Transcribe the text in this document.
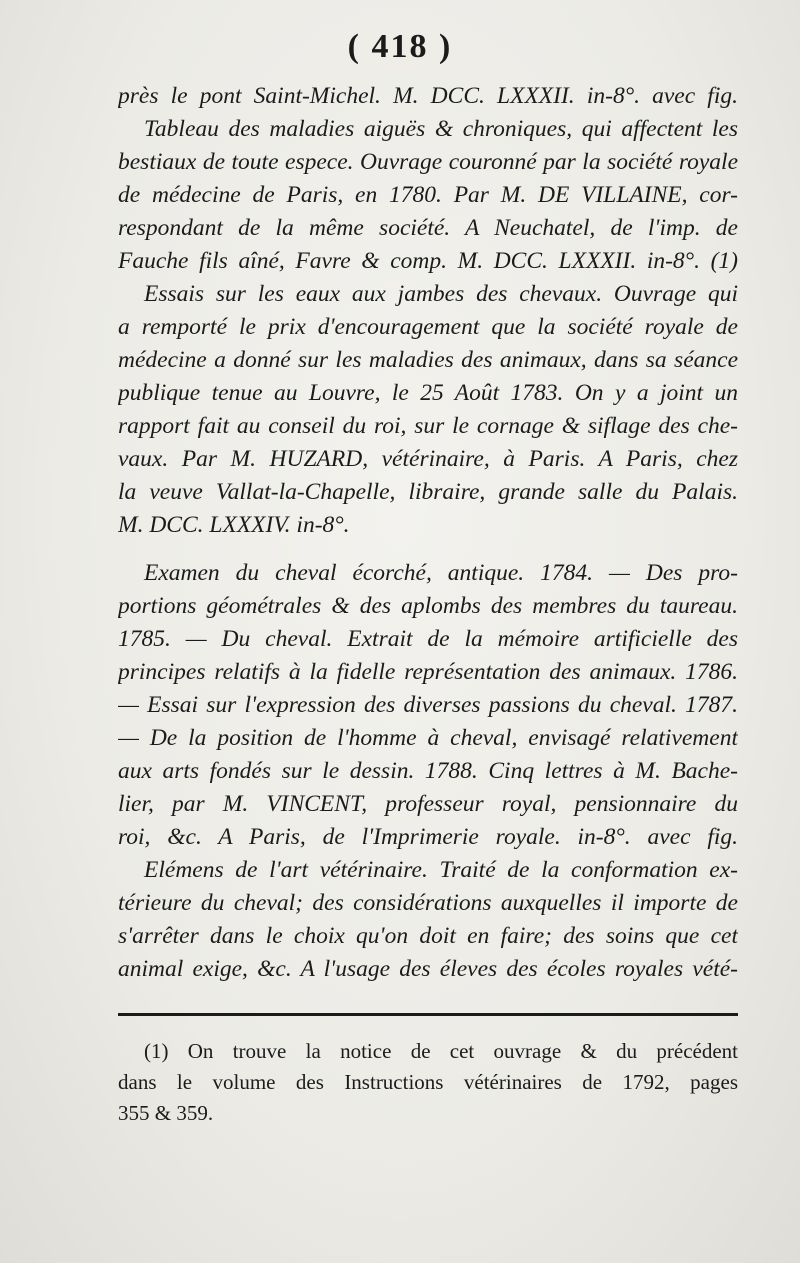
( 418 )
près le pont Saint-Michel. M. DCC. LXXXII. in-8°. avec fig.
Tableau des maladies aiguës & chroniques, qui affectent les
bestiaux de toute espece. Ouvrage couronné par la société royale
de médecine de Paris, en 1780. Par M. DE VILLAINE, cor-
respondant de la même société. A Neuchatel, de l'imp. de
Fauche fils aîné, Favre & comp. M. DCC. LXXXII. in-8°. (1)
Essais sur les eaux aux jambes des chevaux. Ouvrage qui
a remporté le prix d'encouragement que la société royale de
médecine a donné sur les maladies des animaux, dans sa séance
publique tenue au Louvre, le 25 Août 1783. On y a joint un
rapport fait au conseil du roi, sur le cornage & siflage des che-
vaux. Par M. HUZARD, vétérinaire, à Paris. A Paris, chez
la veuve Vallat-la-Chapelle, libraire, grande salle du Palais.
M. DCC. LXXXIV. in-8°.
Examen du cheval écorché, antique. 1784. — Des pro-
portions géométrales & des aplombs des membres du taureau.
1785. — Du cheval. Extrait de la mémoire artificielle des
principes relatifs à la fidelle représentation des animaux. 1786.
— Essai sur l'expression des diverses passions du cheval. 1787.
— De la position de l'homme à cheval, envisagé relativement
aux arts fondés sur le dessin. 1788. Cinq lettres à M. Bache-
lier, par M. VINCENT, professeur royal, pensionnaire du
roi, &c. A Paris, de l'Imprimerie royale. in-8°. avec fig.
Elémens de l'art vétérinaire. Traité de la conformation ex-
térieure du cheval; des considérations auxquelles il importe de
s'arrêter dans le choix qu'on doit en faire; des soins que cet
animal exige, &c. A l'usage des éleves des écoles royales vété-
(1) On trouve la notice de cet ouvrage & du précédent
dans le volume des Instructions vétérinaires de 1792, pages
355 & 359.
